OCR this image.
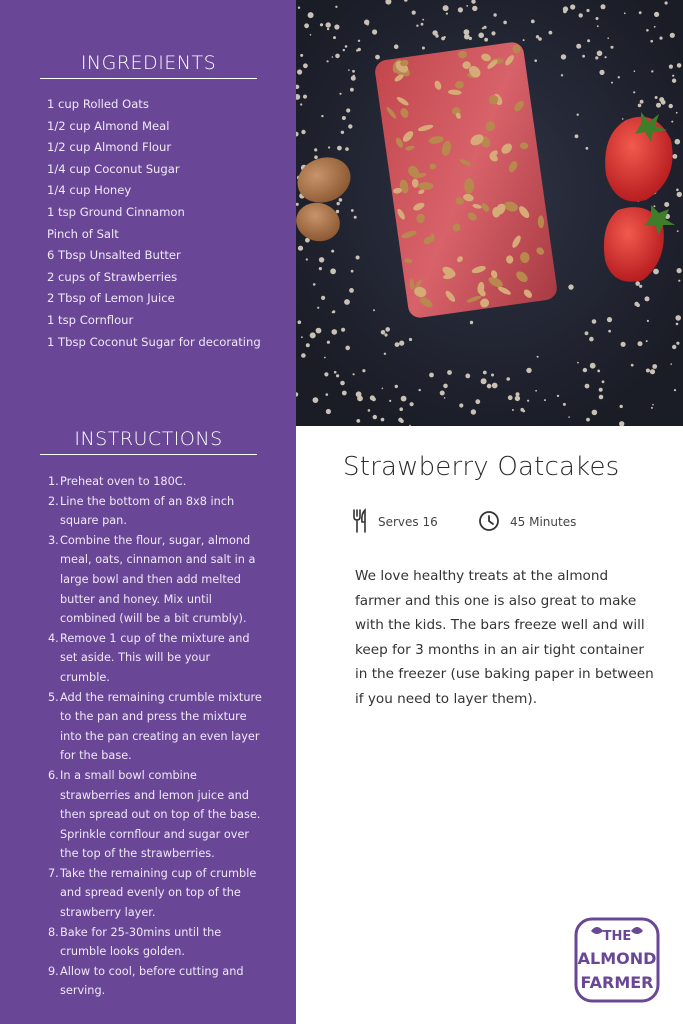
INGREDIENTS
1 cup Rolled Oats
1/2 cup Almond Meal
1/2 cup Almond Flour
1/4 cup Coconut Sugar
1/4 cup Honey
1 tsp Ground Cinnamon
Pinch of Salt
6 Tbsp Unsalted Butter
2 cups of Strawberries
2 Tbsp of Lemon Juice
1 tsp Cornflour
1 Tbsp Coconut Sugar for decorating
INSTRUCTIONS
1. Preheat oven to 180C.
2. Line the bottom of an 8x8 inch square pan.
3. Combine the flour, sugar, almond meal, oats, cinnamon and salt in a large bowl and then add melted butter and honey. Mix until combined (will be a bit crumbly).
4. Remove 1 cup of the mixture and set aside. This will be your crumble.
5. Add the remaining crumble mixture to the pan and press the mixture into the pan creating an even layer for the base.
6. In a small bowl combine strawberries and lemon juice and then spread out on top of the base. Sprinkle cornflour and sugar over the top of the strawberries.
7. Take the remaining cup of crumble and spread evenly on top of the strawberry layer.
8. Bake for 25-30mins until the crumble looks golden.
9. Allow to cool, before cutting and serving.
Strawberry Oatcakes
Serves 16	45 Minutes
We love healthy treats at the almond farmer and this one is also great to make with the kids. The bars freeze well and will keep for 3 months in an air tight container in the freezer (use baking paper in between if you need to layer them).
THE
ALMOND
FARMER
